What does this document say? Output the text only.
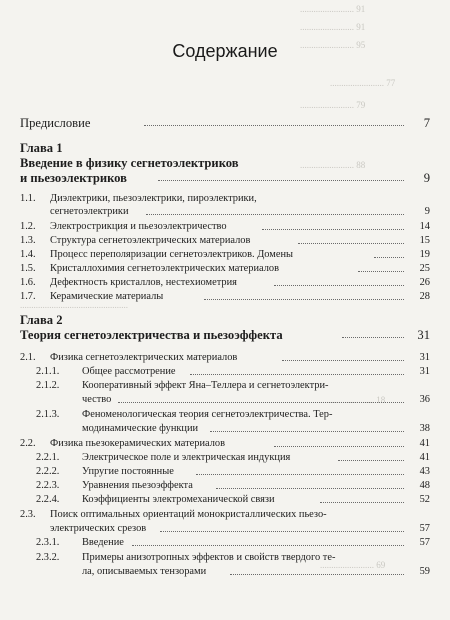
........................ 91
........................ 91
........................ 95
........................ 77
........................ 79
........................ 88
................................................
........................ 18
........................ 69
Содержание
Предисловие	7
Глава 1
Введение в физику сегнетоэлектриков
и пьезоэлектриков	9
1.1. Диэлектрики, пьезоэлектрики, пироэлектрики,
сегнетоэлектрики	9
1.2. Электрострикция и пьезоэлектричество	14
1.3. Структура сегнетоэлектрических материалов	15
1.4. Процесс переполяризации сегнетоэлектриков. Домены	19
1.5. Кристаллохимия сегнетоэлектрических материалов	25
1.6. Дефектность кристаллов, нестехиометрия	26
1.7. Керамические материалы	28
Глава 2
Теория сегнетоэлектричества и пьезоэффекта	31
2.1. Физика сегнетоэлектрических материалов	31
2.1.1. Общее рассмотрение	31
2.1.2. Кооперативный эффект Яна–Теллера и сегнетоэлектри-
чество	36
2.1.3. Феноменологическая теория сегнетоэлектричества. Тер-
модинамические функции	38
2.2. Физика пьезокерамических материалов	41
2.2.1. Электрическое поле и электрическая индукция	41
2.2.2. Упругие постоянные	43
2.2.3. Уравнения пьезоэффекта	48
2.2.4. Коэффициенты электромеханической связи	52
2.3. Поиск оптимальных ориентаций монокристаллических пьезо-
электрических срезов	57
2.3.1. Введение	57
2.3.2. Примеры анизотропных эффектов и свойств твердого те-
ла, описываемых тензорами	59
